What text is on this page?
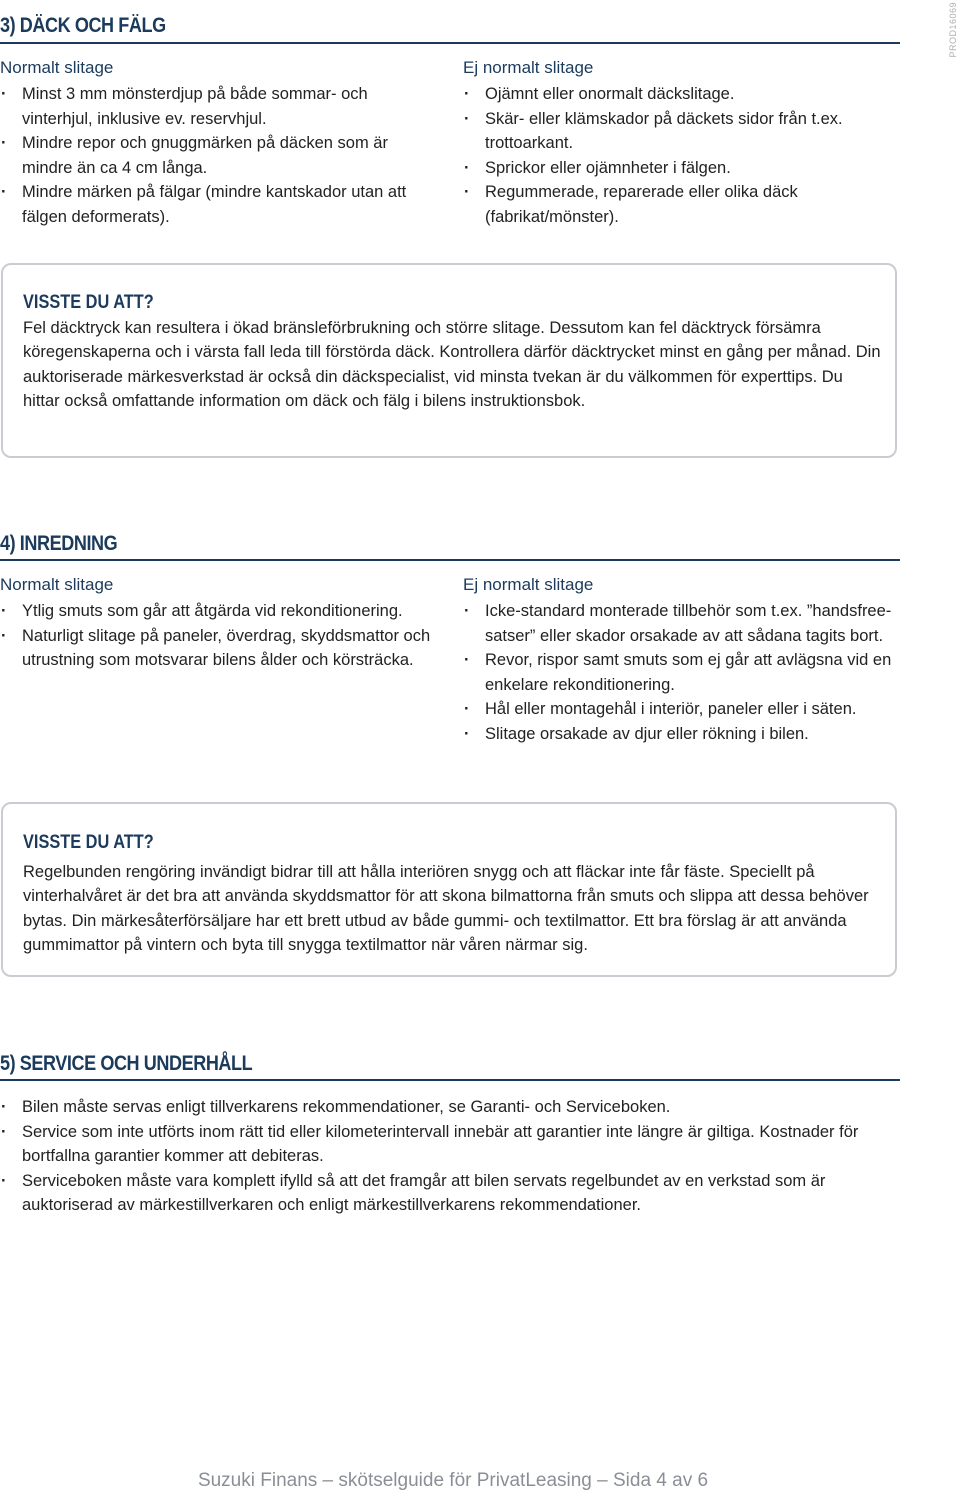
PROD16069
3) DÄCK OCH FÄLG
Normalt slitage
· Minst 3 mm mönsterdjup på både sommar- och vinterhjul, inklusive ev. reservhjul.
· Mindre repor och gnuggmärken på däcken som är mindre än ca 4 cm långa.
· Mindre märken på fälgar (mindre kantskador utan att fälgen deformerats).
Ej normalt slitage
· Ojämnt eller onormalt däckslitage.
· Skär- eller klämskador på däckets sidor från t.ex. trottoarkant.
· Sprickor eller ojämnheter i fälgen.
· Regummerade, reparerade eller olika däck (fabrikat/mönster).
VISSTE DU ATT?
Fel däcktryck kan resultera i ökad bränsleförbrukning och större slitage. Dessutom kan fel däcktryck försämra köregenskaperna och i värsta fall leda till förstörda däck. Kontrollera därför däcktrycket minst en gång per månad. Din auktoriserade märkesverkstad är också din däckspecialist, vid minsta tvekan är du välkommen för experttips. Du hittar också omfattande information om däck och fälg i bilens instruktionsbok.
4) INREDNING
Normalt slitage
· Ytlig smuts som går att åtgärda vid rekonditionering.
· Naturligt slitage på paneler, överdrag, skyddsmattor och utrustning som motsvarar bilens ålder och körsträcka.
Ej normalt slitage
· Icke-standard monterade tillbehör som t.ex. ”handsfree-satser” eller skador orsakade av att sådana tagits bort.
· Revor, rispor samt smuts som ej går att avlägsna vid en enkelare rekonditionering.
· Hål eller montagehål i interiör, paneler eller i säten.
· Slitage orsakade av djur eller rökning i bilen.
VISSTE DU ATT?
Regelbunden rengöring invändigt bidrar till att hålla interiören snygg och att fläckar inte får fäste. Speciellt på vinterhalvåret är det bra att använda skyddsmattor för att skona bilmattorna från smuts och slippa att dessa behöver bytas. Din märkesåterförsäljare har ett brett utbud av både gummi- och textilmattor. Ett bra förslag är att använda gummimattor på vintern och byta till snygga textilmattor när våren närmar sig.
5) SERVICE OCH UNDERHÅLL
· Bilen måste servas enligt tillverkarens rekommendationer, se Garanti- och Serviceboken.
· Service som inte utförts inom rätt tid eller kilometerintervall innebär att garantier inte längre är giltiga. Kostnader för bortfallna garantier kommer att debiteras.
· Serviceboken måste vara komplett ifylld så att det framgår att bilen servats regelbundet av en verkstad som är auktoriserad av märkestillverkaren och enligt märkestillverkarens rekommendationer.
Suzuki Finans – skötselguide för PrivatLeasing – Sida 4 av 6
